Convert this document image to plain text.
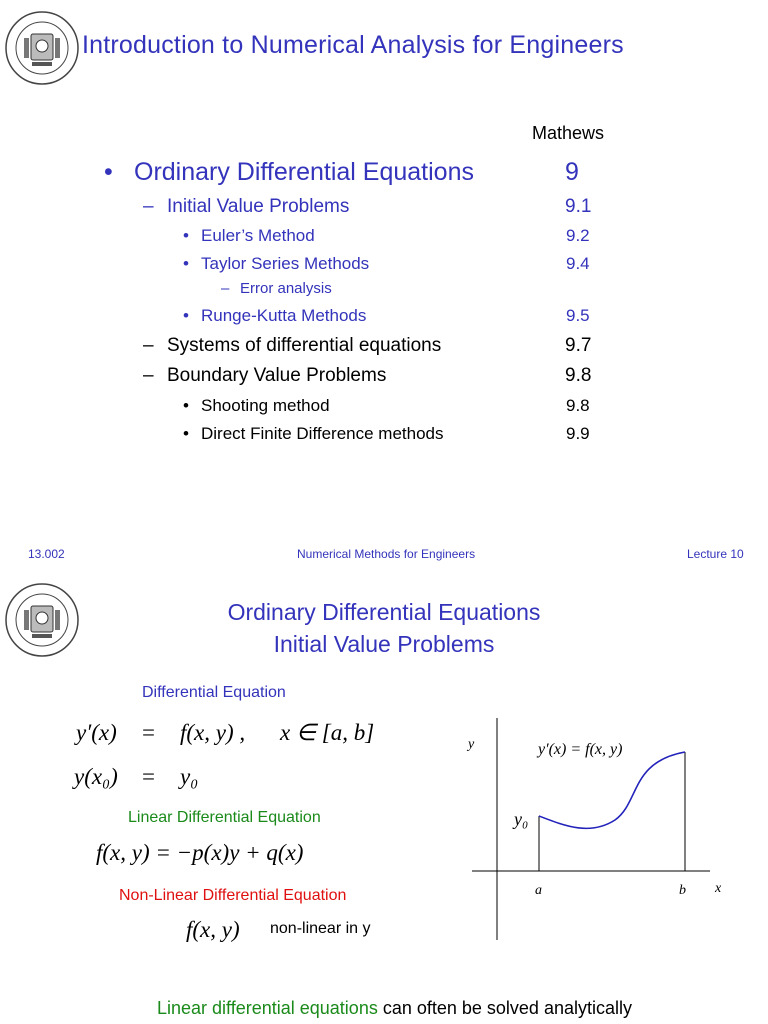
Introduction to Numerical Analysis for Engineers
Mathews
• Ordinary Differential Equations	9
– Initial Value Problems	9.1
• Euler’s Method	9.2
• Taylor Series Methods	9.4
– Error analysis
• Runge-Kutta Methods	9.5
– Systems of differential equations	9.7
– Boundary Value Problems	9.8
• Shooting method	9.8
• Direct Finite Difference methods	9.9
13.002	Numerical Methods for Engineers	Lecture 10
Ordinary Differential Equations
Initial Value Problems
Differential Equation
y′(x) = f(x, y) , x ∈ [a, b]
y(x₀) = y₀
Linear Differential Equation
f(x, y) = −p(x)y + q(x)
Non-Linear Differential Equation
f(x, y) non-linear in y
y
x
y′(x) = f(x, y)
y₀
a	b
Linear differential equations can often be solved analytically
